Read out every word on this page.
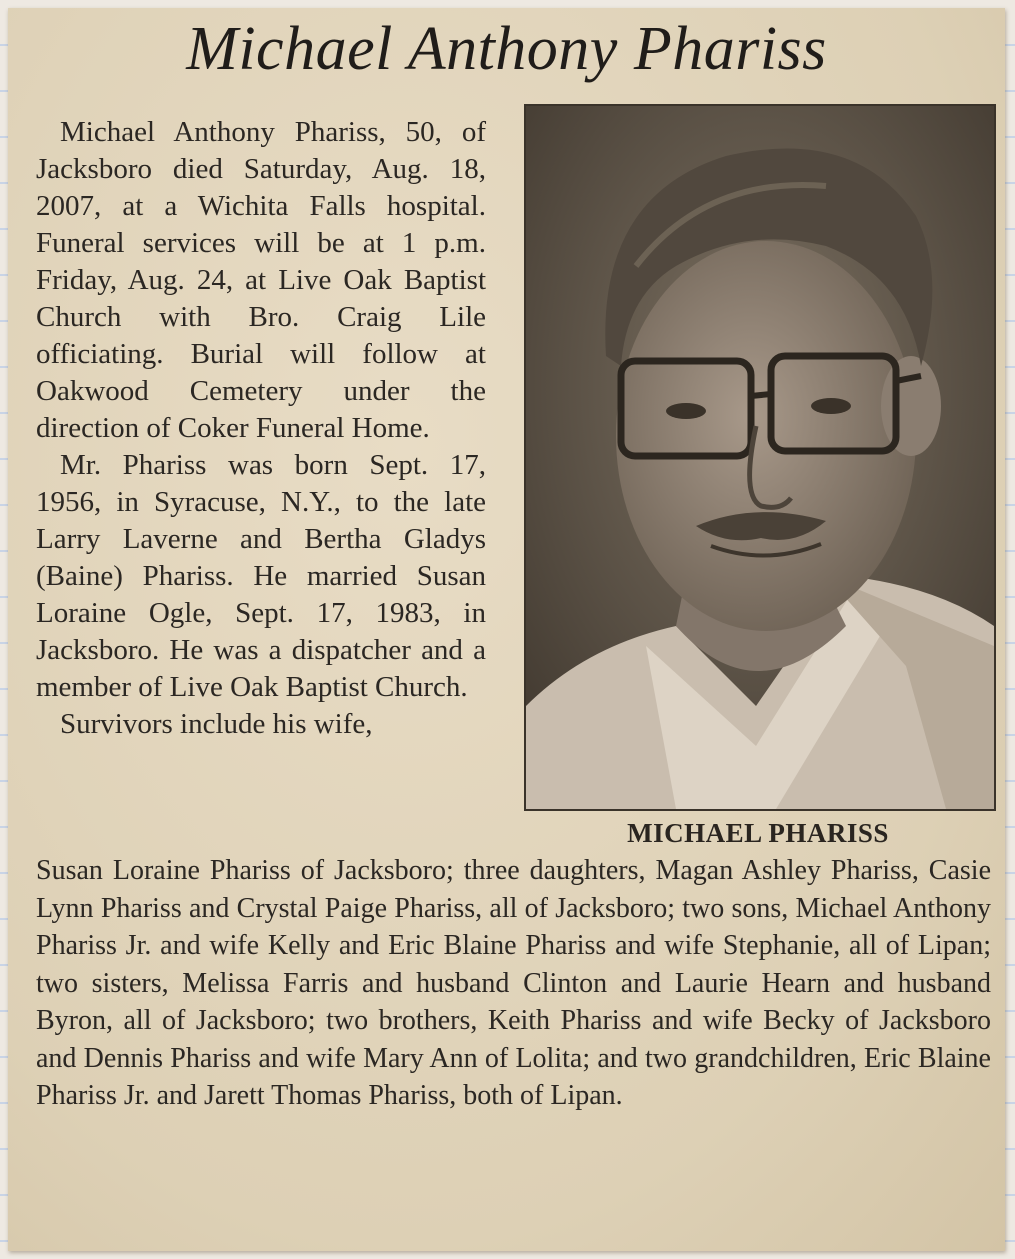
Michael Anthony Phariss

Michael Anthony Phariss, 50, of Jacksboro died Saturday, Aug. 18, 2007, at a Wichita Falls hospital. Funeral services will be at 1 p.m. Friday, Aug. 24, at Live Oak Baptist Church with Bro. Craig Lile officiating. Burial will follow at Oakwood Cemetery under the direction of Coker Funeral Home.

Mr. Phariss was born Sept. 17, 1956, in Syracuse, N.Y., to the late Larry Laverne and Bertha Gladys (Baine) Phariss. He married Susan Loraine Ogle, Sept. 17, 1983, in Jacksboro. He was a dispatcher and a member of Live Oak Baptist Church.

Survivors include his wife,

MICHAEL PHARISS

Susan Loraine Phariss of Jacksboro; three daughters, Magan Ashley Phariss, Casie Lynn Phariss and Crystal Paige Phariss, all of Jacksboro; two sons, Michael Anthony Phariss Jr. and wife Kelly and Eric Blaine Phariss and wife Stephanie, all of Lipan; two sisters, Melissa Farris and husband Clinton and Laurie Hearn and husband Byron, all of Jacksboro; two brothers, Keith Phariss and wife Becky of Jacksboro and Dennis Phariss and wife Mary Ann of Lolita; and two grandchildren, Eric Blaine Phariss Jr. and Jarett Thomas Phariss, both of Lipan.
